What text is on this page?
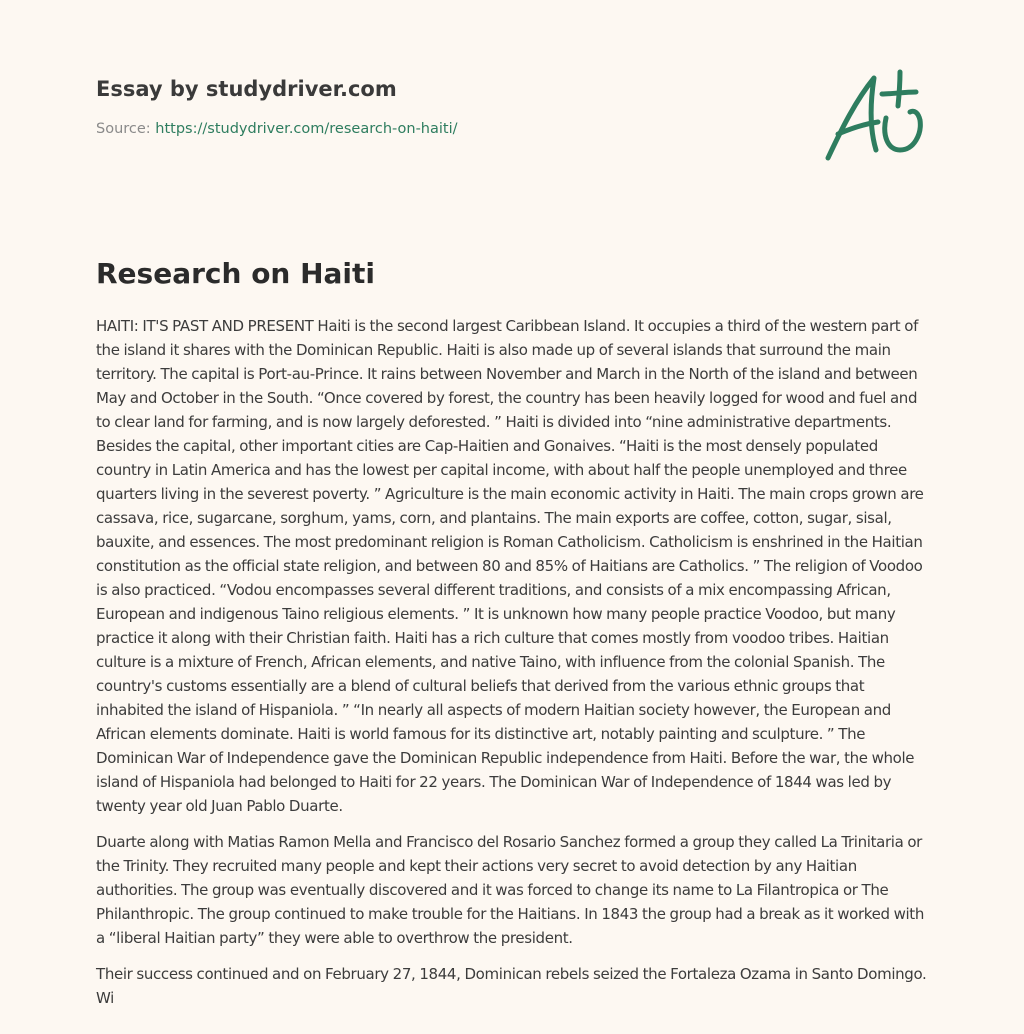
Essay by studydriver.com
Source: https://studydriver.com/research-on-haiti/
Research on Haiti

HAITI: IT'S PAST AND PRESENT Haiti is the second largest Caribbean Island. It occupies a third of the western part of the island it shares with the Dominican Republic. Haiti is also made up of several islands that surround the main territory. The capital is Port-au-Prince. It rains between November and March in the North of the island and between May and October in the South. “Once covered by forest, the country has been heavily logged for wood and fuel and to clear land for farming, and is now largely deforested. ” Haiti is divided into “nine administrative departments. Besides the capital, other important cities are Cap-Haitien and Gonaives. “Haiti is the most densely populated country in Latin America and has the lowest per capital income, with about half the people unemployed and three quarters living in the severest poverty. ” Agriculture is the main economic activity in Haiti. The main crops grown are cassava, rice, sugarcane, sorghum, yams, corn, and plantains. The main exports are coffee, cotton, sugar, sisal, bauxite, and essences. The most predominant religion is Roman Catholicism. Catholicism is enshrined in the Haitian constitution as the official state religion, and between 80 and 85% of Haitians are Catholics. ” The religion of Voodoo is also practiced. “Vodou encompasses several different traditions, and consists of a mix encompassing African, European and indigenous Taino religious elements. ” It is unknown how many people practice Voodoo, but many practice it along with their Christian faith. Haiti has a rich culture that comes mostly from voodoo tribes. Haitian culture is a mixture of French, African elements, and native Taino, with influence from the colonial Spanish. The country's customs essentially are a blend of cultural beliefs that derived from the various ethnic groups that inhabited the island of Hispaniola. ” “In nearly all aspects of modern Haitian society however, the European and African elements dominate. Haiti is world famous for its distinctive art, notably painting and sculpture. ” The Dominican War of Independence gave the Dominican Republic independence from Haiti. Before the war, the whole island of Hispaniola had belonged to Haiti for 22 years. The Dominican War of Independence of 1844 was led by twenty year old Juan Pablo Duarte.

Duarte along with Matias Ramon Mella and Francisco del Rosario Sanchez formed a group they called La Trinitaria or the Trinity. They recruited many people and kept their actions very secret to avoid detection by any Haitian authorities. The group was eventually discovered and it was forced to change its name to La Filantropica or The Philanthropic. The group continued to make trouble for the Haitians. In 1843 the group had a break as it worked with a “liberal Haitian party” they were able to overthrow the president.

Their success continued and on February 27, 1844, Dominican rebels seized the Fortaleza Ozama in Santo Domingo. Wi
